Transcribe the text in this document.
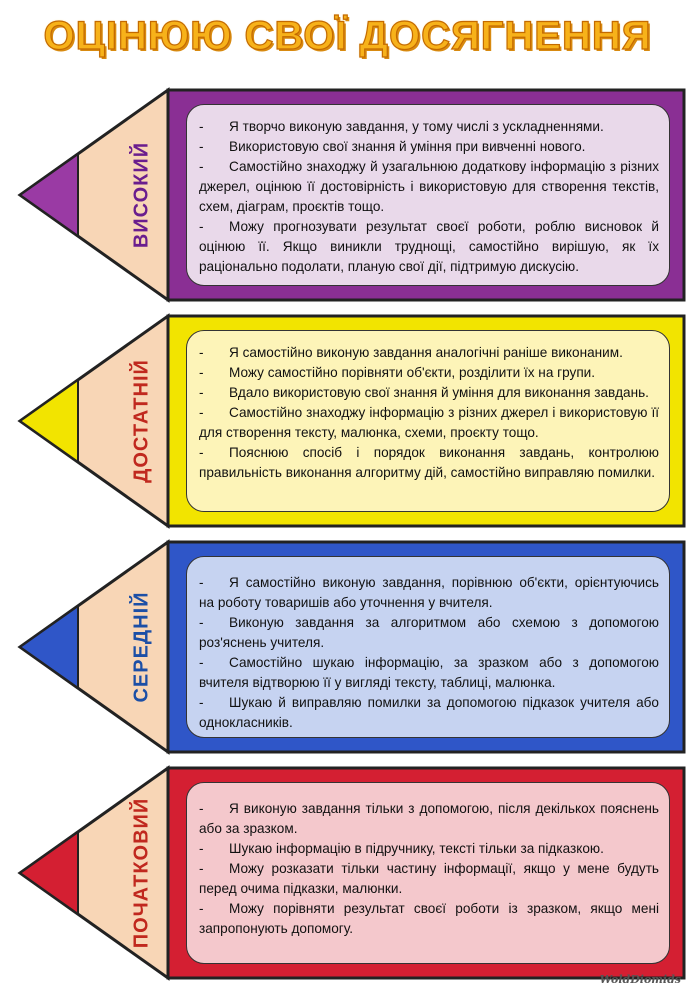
ОЦІНЮЮ СВОЇ ДОСЯГНЕННЯ
ВИСОКИЙ
- Я творчо виконую завдання, у тому числі з ускладненнями.
- Використовую свої знання й уміння при вивченні нового.
- Самостійно знаходжу й узагальнюю додаткову інформацію з різних джерел, оцінюю її достовірність і використовую для створення текстів, схем, діаграм, проєктів тощо.
- Можу прогнозувати результат своєї роботи, роблю висновок й оцінюю її. Якщо виникли труднощі, самостійно вирішую, як їх раціонально подолати, планую свої дії, підтримую дискусію.
ДОСТАТНІЙ
- Я самостійно виконую завдання аналогічні раніше виконаним.
- Можу самостійно порівняти об'єкти, розділити їх на групи.
- Вдало використовую свої знання й уміння для виконання завдань.
- Самостійно знаходжу інформацію з різних джерел і використовую її для створення тексту, малюнка, схеми, проєкту тощо.
- Пояснюю спосіб і порядок виконання завдань, контролюю правильність виконання алгоритму дій, самостійно виправляю помилки.
СЕРЕДНІЙ
- Я самостійно виконую завдання, порівнюю об'єкти, орієнтуючись на роботу товаришів або уточнення у вчителя.
- Виконую завдання за алгоритмом або схемою з допомогою роз'яснень учителя.
- Самостійно шукаю інформацію, за зразком або з допомогою вчителя відтворюю її у вигляді тексту, таблиці, малюнка.
- Шукаю й виправляю помилки за допомогою підказок учителя або однокласників.
ПОЧАТКОВИЙ	- Я виконую завдання тільки з допомогою, після декількох пояснень або за зразком.
- Шукаю інформацію в підручнику, тексті тільки за підказкою.
- Можу розказати тільки частину інформації, якщо у мене будуть перед очима підказки, малюнки.
- Можу порівняти результат своєї роботи із зразком, якщо мені запропонують допомогу.
WoldDiomids
